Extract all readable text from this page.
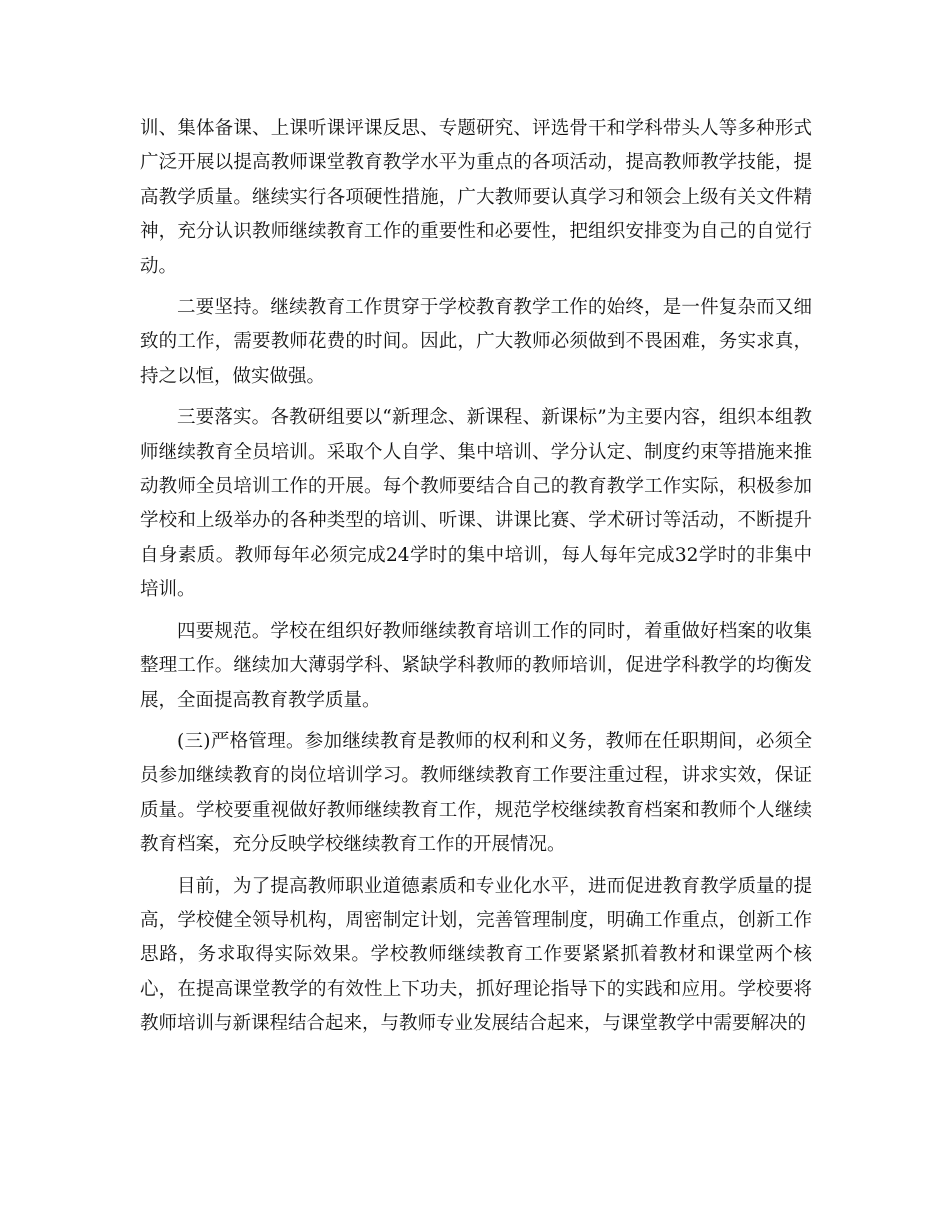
训、集体备课、上课听课评课反思、专题研究、评选骨干和学科带头人等多种形式广泛开展以提高教师课堂教育教学水平为重点的各项活动，提高教师教学技能，提高教学质量。继续实行各项硬性措施，广大教师要认真学习和领会上级有关文件精神，充分认识教师继续教育工作的重要性和必要性，把组织安排变为自己的自觉行动。

二要坚持。继续教育工作贯穿于学校教育教学工作的始终，是一件复杂而又细致的工作，需要教师花费的时间。因此，广大教师必须做到不畏困难，务实求真，持之以恒，做实做强。

三要落实。各教研组要以“新理念、新课程、新课标”为主要内容，组织本组教师继续教育全员培训。采取个人自学、集中培训、学分认定、制度约束等措施来推动教师全员培训工作的开展。每个教师要结合自己的教育教学工作实际，积极参加学校和上级举办的各种类型的培训、听课、讲课比赛、学术研讨等活动，不断提升自身素质。教师每年必须完成24学时的集中培训，每人每年完成32学时的非集中培训。

四要规范。学校在组织好教师继续教育培训工作的同时，着重做好档案的收集整理工作。继续加大薄弱学科、紧缺学科教师的教师培训，促进学科教学的均衡发展，全面提高教育教学质量。

(三)严格管理。参加继续教育是教师的权利和义务，教师在任职期间，必须全员参加继续教育的岗位培训学习。教师继续教育工作要注重过程，讲求实效，保证质量。学校要重视做好教师继续教育工作，规范学校继续教育档案和教师个人继续教育档案，充分反映学校继续教育工作的开展情况。

目前，为了提高教师职业道德素质和专业化水平，进而促进教育教学质量的提高，学校健全领导机构，周密制定计划，完善管理制度，明确工作重点，创新工作思路，务求取得实际效果。学校教师继续教育工作要紧紧抓着教材和课堂两个核心，在提高课堂教学的有效性上下功夫，抓好理论指导下的实践和应用。学校要将教师培训与新课程结合起来，与教师专业发展结合起来，与课堂教学中需要解决的
